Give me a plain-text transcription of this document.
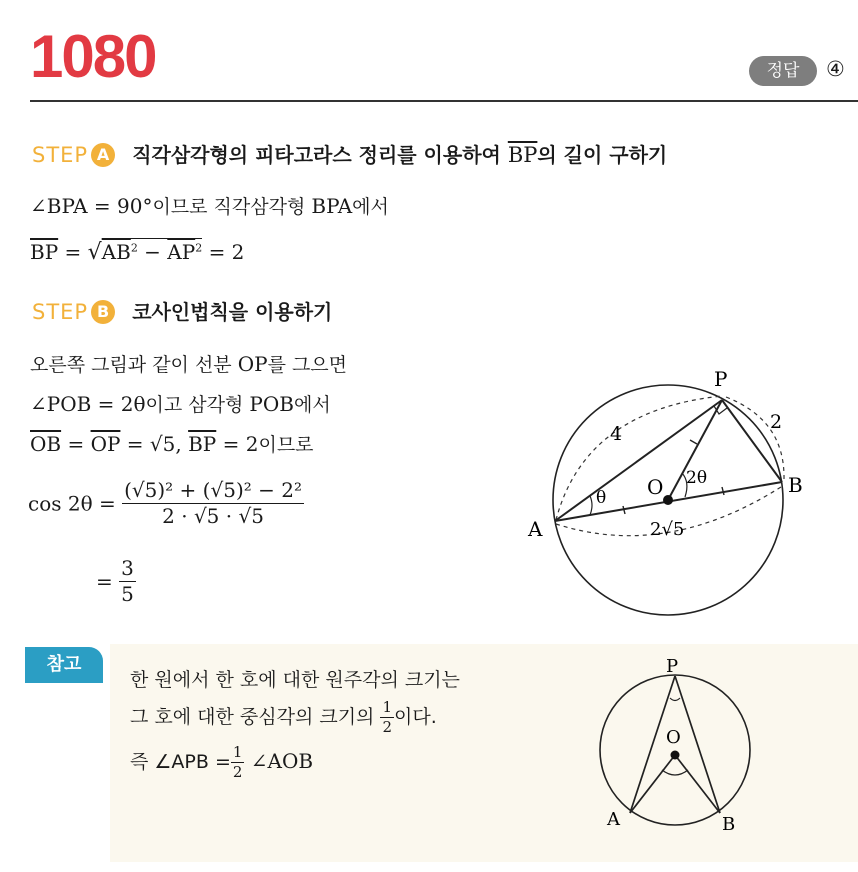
1080	정답	④
STEP A 직각삼각형의 피타고라스 정리를 이용하여 $\overline{BP}$의 길이 구하기
∠BPA = 90°이므로 직각삼각형 BPA에서
$\overline{BP} = √AB^2 - \overline{AP}^2 = 2$
STEP B 코사인법칙을 이용하기
오른쪽 그림과 같이 선분 OP를 그으면
∠POB = 2θ이고 삼각형 POB에서
$\overline{OB} = \overline{OP} = √5$, $\overline{BP} = 2$이므로
$\cos 2\theta = \frac{\text{(√5)² + (√5)² − 2²}}{2 \cdot √5 \cdot √5}$
= $\frac{3}{5}$
P
O
A
B
4
2
2θ
θ
2√5
참고
한 원에서 한 호에 대한 원주각의 크기는
그 호에 대한 중심각의 크기의 $\frac{1}{2}$ 이다.
즉 ∠APB = $\frac{1}{2}$ ∠AOB
P
O
A	B
